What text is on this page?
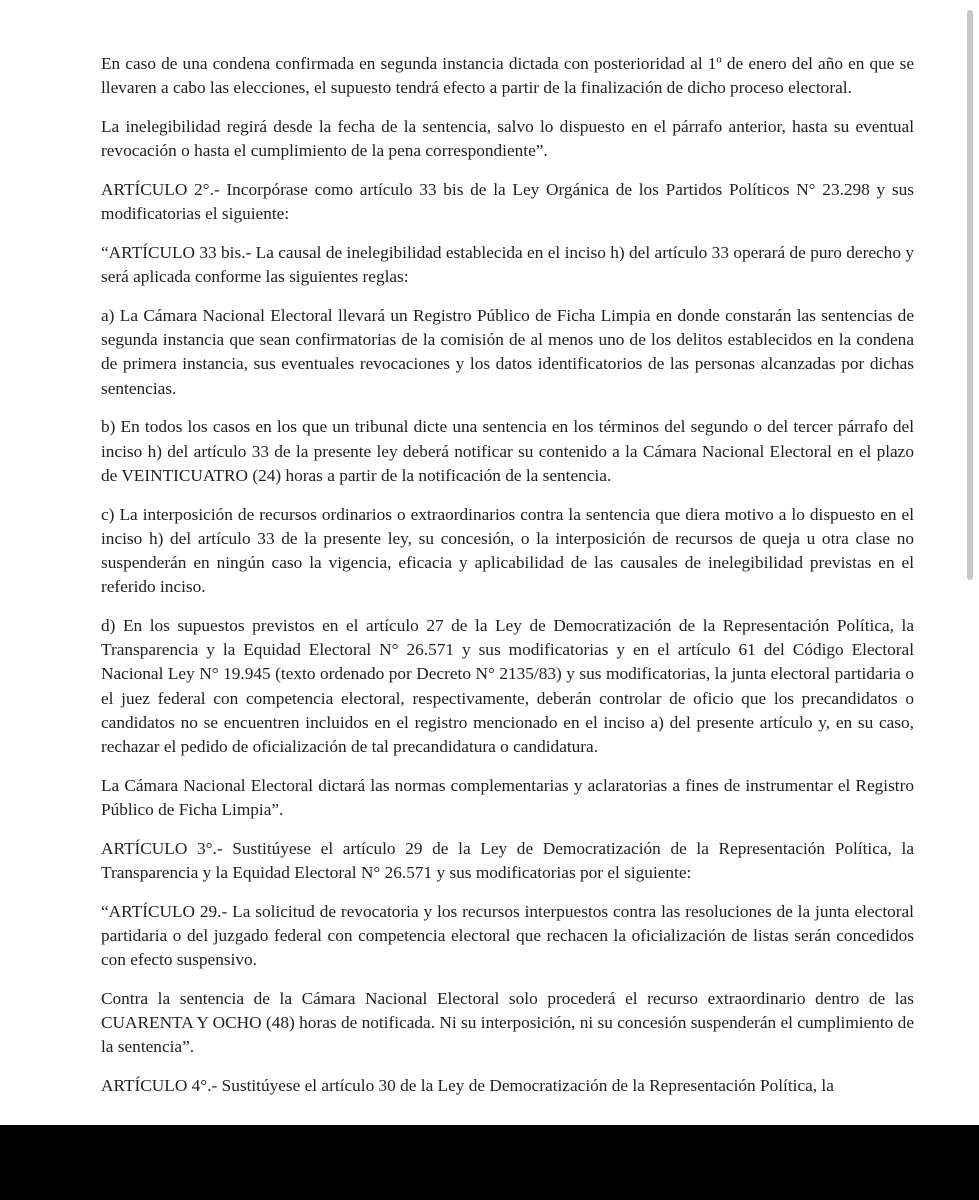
En caso de una condena confirmada en segunda instancia dictada con posterioridad al 1º de enero del año en que se llevaren a cabo las elecciones, el supuesto tendrá efecto a partir de la finalización de dicho proceso electoral.

La inelegibilidad regirá desde la fecha de la sentencia, salvo lo dispuesto en el párrafo anterior, hasta su eventual revocación o hasta el cumplimiento de la pena correspondiente”.

ARTÍCULO 2°.- Incorpórase como artículo 33 bis de la Ley Orgánica de los Partidos Políticos N° 23.298 y sus modificatorias el siguiente:

“ARTÍCULO 33 bis.- La causal de inelegibilidad establecida en el inciso h) del artículo 33 operará de puro derecho y será aplicada conforme las siguientes reglas:

a) La Cámara Nacional Electoral llevará un Registro Público de Ficha Limpia en donde constarán las sentencias de segunda instancia que sean confirmatorias de la comisión de al menos uno de los delitos establecidos en la condena de primera instancia, sus eventuales revocaciones y los datos identificatorios de las personas alcanzadas por dichas sentencias.

b) En todos los casos en los que un tribunal dicte una sentencia en los términos del segundo o del tercer párrafo del inciso h) del artículo 33 de la presente ley deberá notificar su contenido a la Cámara Nacional Electoral en el plazo de VEINTICUATRO (24) horas a partir de la notificación de la sentencia.

c) La interposición de recursos ordinarios o extraordinarios contra la sentencia que diera motivo a lo dispuesto en el inciso h) del artículo 33 de la presente ley, su concesión, o la interposición de recursos de queja u otra clase no suspenderán en ningún caso la vigencia, eficacia y aplicabilidad de las causales de inelegibilidad previstas en el referido inciso.

d) En los supuestos previstos en el artículo 27 de la Ley de Democratización de la Representación Política, la Transparencia y la Equidad Electoral N° 26.571 y sus modificatorias y en el artículo 61 del Código Electoral Nacional Ley N° 19.945 (texto ordenado por Decreto N° 2135/83) y sus modificatorias, la junta electoral partidaria o el juez federal con competencia electoral, respectivamente, deberán controlar de oficio que los precandidatos o candidatos no se encuentren incluidos en el registro mencionado en el inciso a) del presente artículo y, en su caso, rechazar el pedido de oficialización de tal precandidatura o candidatura.

La Cámara Nacional Electoral dictará las normas complementarias y aclaratorias a fines de instrumentar el Registro Público de Ficha Limpia”.

ARTÍCULO 3°.- Sustitúyese el artículo 29 de la Ley de Democratización de la Representación Política, la Transparencia y la Equidad Electoral N° 26.571 y sus modificatorias por el siguiente:

“ARTÍCULO 29.- La solicitud de revocatoria y los recursos interpuestos contra las resoluciones de la junta electoral partidaria o del juzgado federal con competencia electoral que rechacen la oficialización de listas serán concedidos con efecto suspensivo.

Contra la sentencia de la Cámara Nacional Electoral solo procederá el recurso extraordinario dentro de las CUARENTA Y OCHO (48) horas de notificada. Ni su interposición, ni su concesión suspenderán el cumplimiento de la sentencia”.

ARTÍCULO 4°.- Sustitúyese el artículo 30 de la Ley de Democratización de la Representación Política, la
